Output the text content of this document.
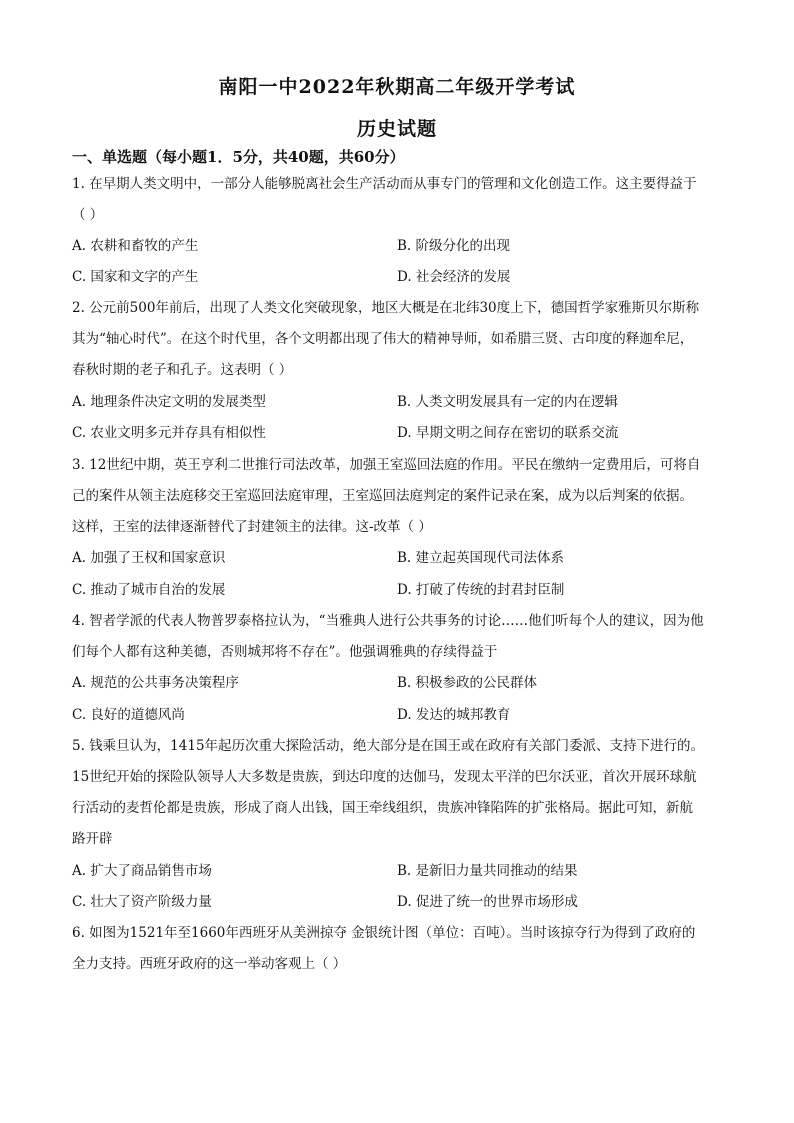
南阳一中2022年秋期高二年级开学考试
历史试题
一、单选题（每小题1．5分，共40题，共60分）
1. 在早期人类文明中，一部分人能够脱离社会生产活动而从事专门的管理和文化创造工作。这主要得益于
（ ）
A. 农耕和畜牧的产生	B. 阶级分化的出现
C. 国家和文字的产生	D. 社会经济的发展
2. 公元前500年前后，出现了人类文化突破现象，地区大概是在北纬30度上下，德国哲学家雅斯贝尔斯称
其为“轴心时代”。在这个时代里，各个文明都出现了伟大的精神导师，如希腊三贤、古印度的释迦牟尼，
春秋时期的老子和孔子。这表明（ ）
A. 地理条件决定文明的发展类型	B. 人类文明发展具有一定的内在逻辑
C. 农业文明多元并存具有相似性	D. 早期文明之间存在密切的联系交流
3. 12世纪中期，英王亨利二世推行司法改革，加强王室巡回法庭的作用。平民在缴纳一定费用后，可将自
己的案件从领主法庭移交王室巡回法庭审理，王室巡回法庭判定的案件记录在案，成为以后判案的依据。
这样，王室的法律逐渐替代了封建领主的法律。这-改革（ ）
A. 加强了王权和国家意识	B. 建立起英国现代司法体系
C. 推动了城市自治的发展	D. 打破了传统的封君封臣制
4. 智者学派的代表人物普罗泰格拉认为，“当雅典人进行公共事务的讨论……他们听每个人的建议，因为他
们每个人都有这种美德，否则城邦将不存在”。他强调雅典的存续得益于
A. 规范的公共事务决策程序	B. 积极参政的公民群体
C. 良好的道德风尚	D. 发达的城邦教育
5. 钱乘旦认为，1415年起历次重大探险活动，绝大部分是在国王或在政府有关部门委派、支持下进行的。
15世纪开始的探险队领导人大多数是贵族，到达印度的达伽马，发现太平洋的巴尔沃亚，首次开展环球航
行活动的麦哲伦都是贵族，形成了商人出钱，国王牵线组织，贵族冲锋陷阵的扩张格局。据此可知，新航
路开辟
A. 扩大了商品销售市场	B. 是新旧力量共同推动的结果
C. 壮大了资产阶级力量	D. 促进了统一的世界市场形成
6. 如图为1521年至1660年西班牙从美洲掠夺 金银统计图（单位：百吨）。当时该掠夺行为得到了政府的
全力支持。西班牙政府的这一举动客观上（ ）
